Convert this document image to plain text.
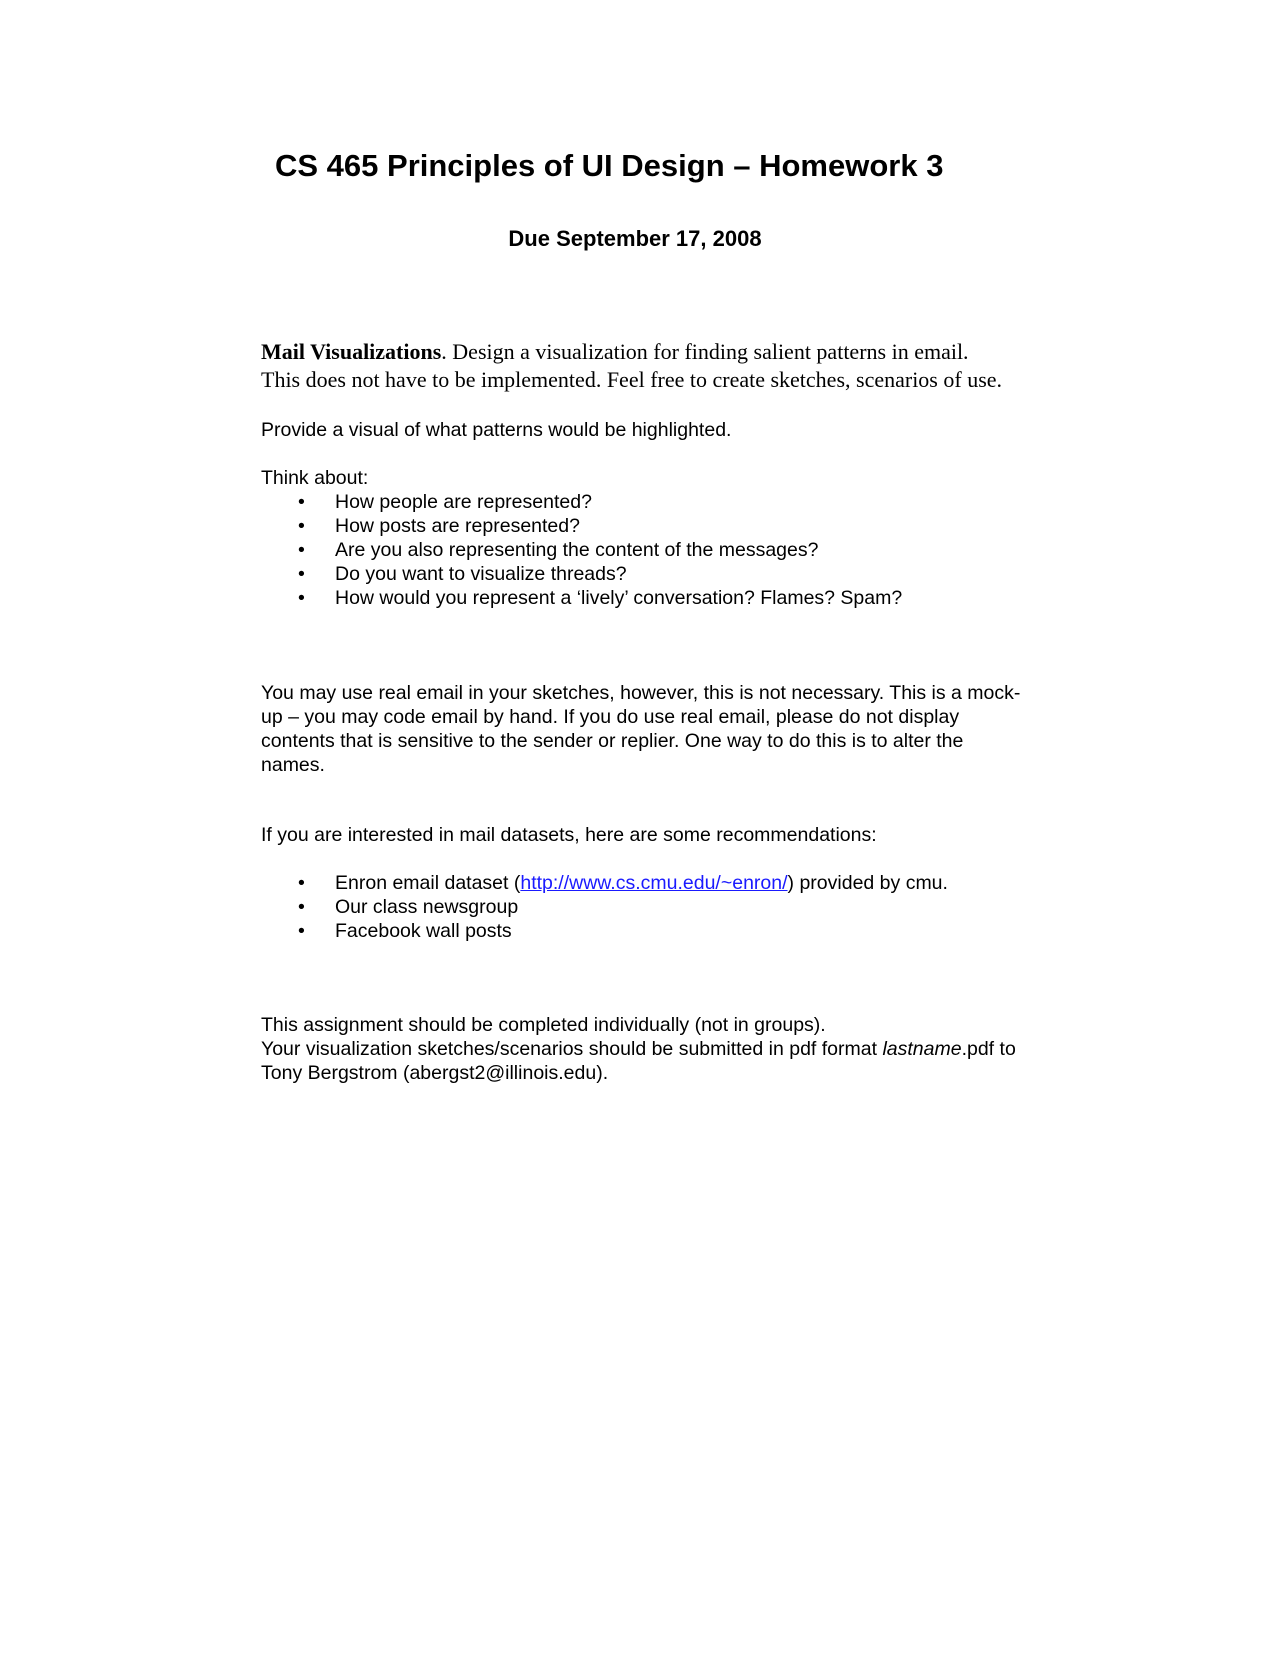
CS 465 Principles of UI Design – Homework 3
Due September 17, 2008
Mail Visualizations. Design a visualization for finding salient patterns in email.
This does not have to be implemented. Feel free to create sketches, scenarios of use.
Provide a visual of what patterns would be highlighted.
Think about:
• How people are represented?
• How posts are represented?
• Are you also representing the content of the messages?
• Do you want to visualize threads?
• How would you represent a ‘lively’ conversation? Flames? Spam?
You may use real email in your sketches, however, this is not necessary. This is a mock-
up – you may code email by hand. If you do use real email, please do not display
contents that is sensitive to the sender or replier. One way to do this is to alter the
names.
If you are interested in mail datasets, here are some recommendations:
• Enron email dataset (http://www.cs.cmu.edu/~enron/) provided by cmu.
• Our class newsgroup
• Facebook wall posts
This assignment should be completed individually (not in groups).
Your visualization sketches/scenarios should be submitted in pdf format lastname.pdf to
Tony Bergstrom (abergst2@illinois.edu).
